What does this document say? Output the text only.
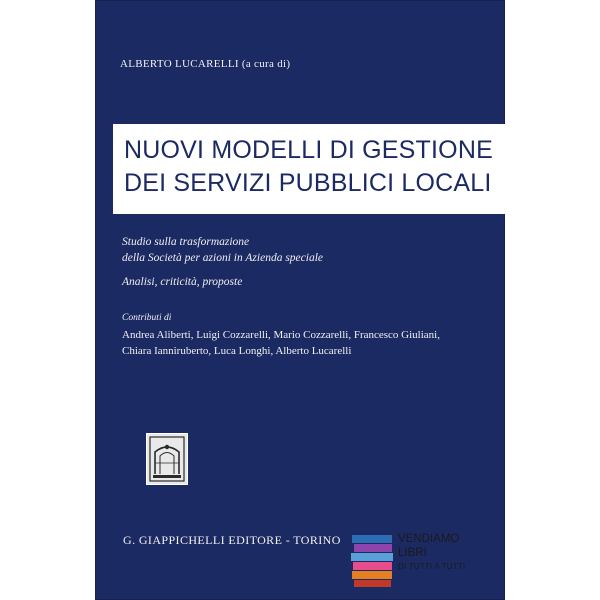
ALBERTO LUCARELLI (a cura di)
NUOVI MODELLI DI GESTIONE
DEI SERVIZI PUBBLICI LOCALI
Studio sulla trasformazione
della Società per azioni in Azienda speciale
Analisi, criticità, proposte
Contributi di
Andrea Aliberti, Luigi Cozzarelli, Mario Cozzarelli, Francesco Giuliani,
Chiara Ianniruberto, Luca Longhi, Alberto Lucarelli
G. GIAPPICHELLI EDITORE - TORINO	VENDIAMO
LIBRI
DI TUTTI A TUTTI
